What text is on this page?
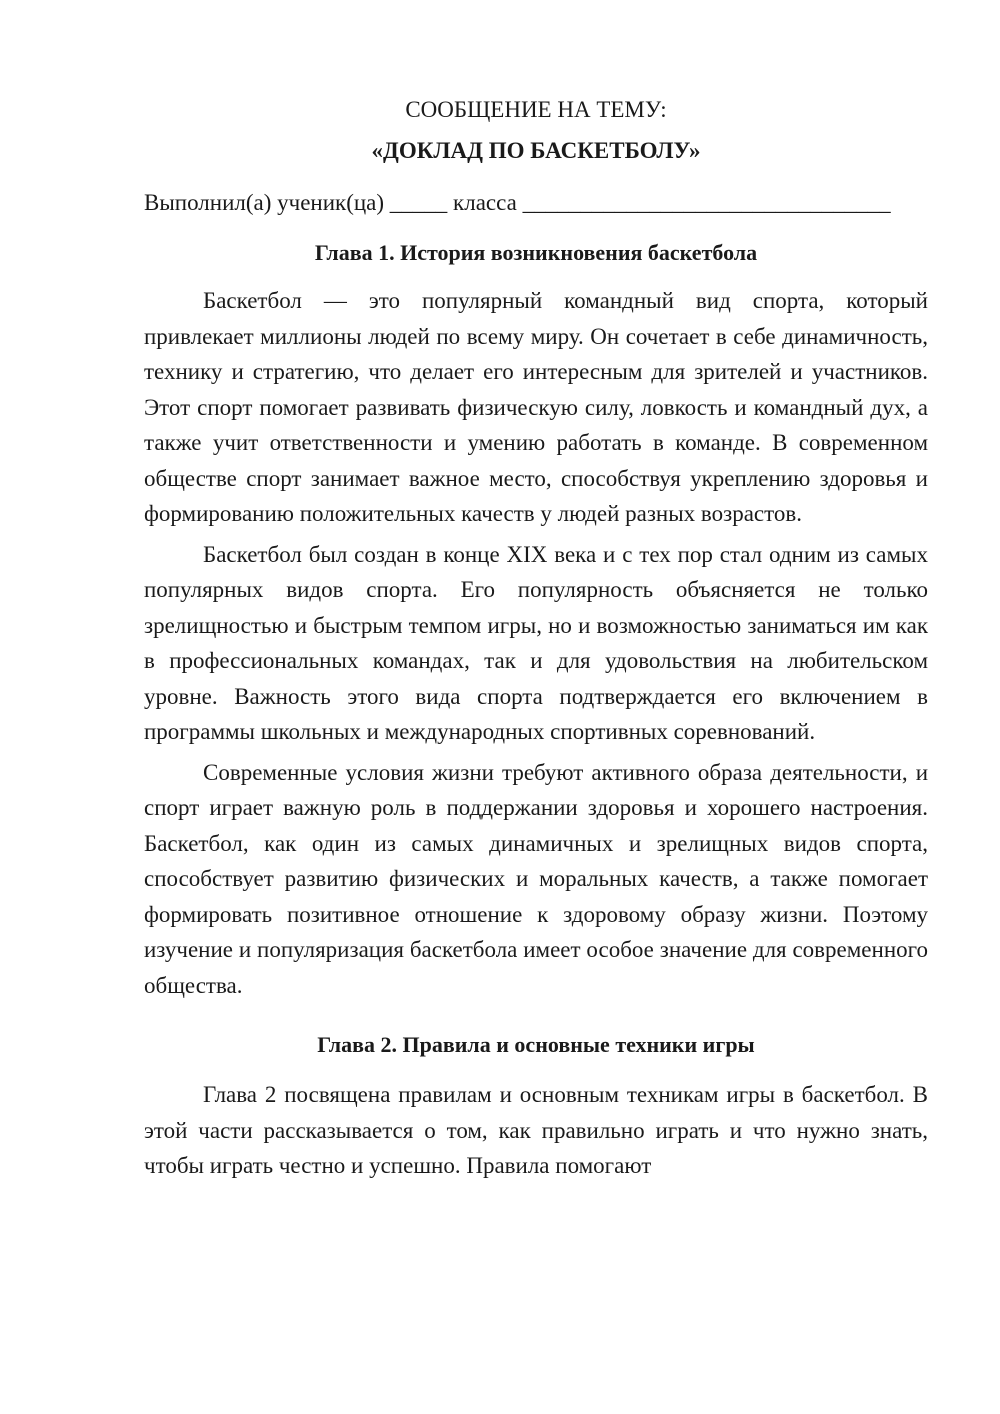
СООБЩЕНИЕ НА ТЕМУ:

«ДОКЛАД ПО БАСКЕТБОЛУ»

Выполнил(а) ученик(ца) _____ класса ________________________________
Глава 1. История возникновения баскетбола

Баскетбол — это популярный командный вид спорта, который привлекает миллионы людей по всему миру. Он сочетает в себе динамичность, технику и стратегию, что делает его интересным для зрителей и участников. Этот спорт помогает развивать физическую силу, ловкость и командный дух, а также учит ответственности и умению работать в команде. В современном обществе спорт занимает важное место, способствуя укреплению здоровья и формированию положительных качеств у людей разных возрастов.

Баскетбол был создан в конце XIX века и с тех пор стал одним из самых популярных видов спорта. Его популярность объясняется не только зрелищностью и быстрым темпом игры, но и возможностью заниматься им как в профессиональных командах, так и для удовольствия на любительском уровне. Важность этого вида спорта подтверждается его включением в программы школьных и международных спортивных соревнований.

Современные условия жизни требуют активного образа деятельности, и спорт играет важную роль в поддержании здоровья и хорошего настроения. Баскетбол, как один из самых динамичных и зрелищных видов спорта, способствует развитию физических и моральных качеств, а также помогает формировать позитивное отношение к здоровому образу жизни. Поэтому изучение и популяризация баскетбола имеет особое значение для современного общества.

Глава 2. Правила и основные техники игры

Глава 2 посвящена правилам и основным техникам игры в баскетбол. В этой части рассказывается о том, как правильно играть и что нужно знать, чтобы играть честно и успешно. Правила помогают
